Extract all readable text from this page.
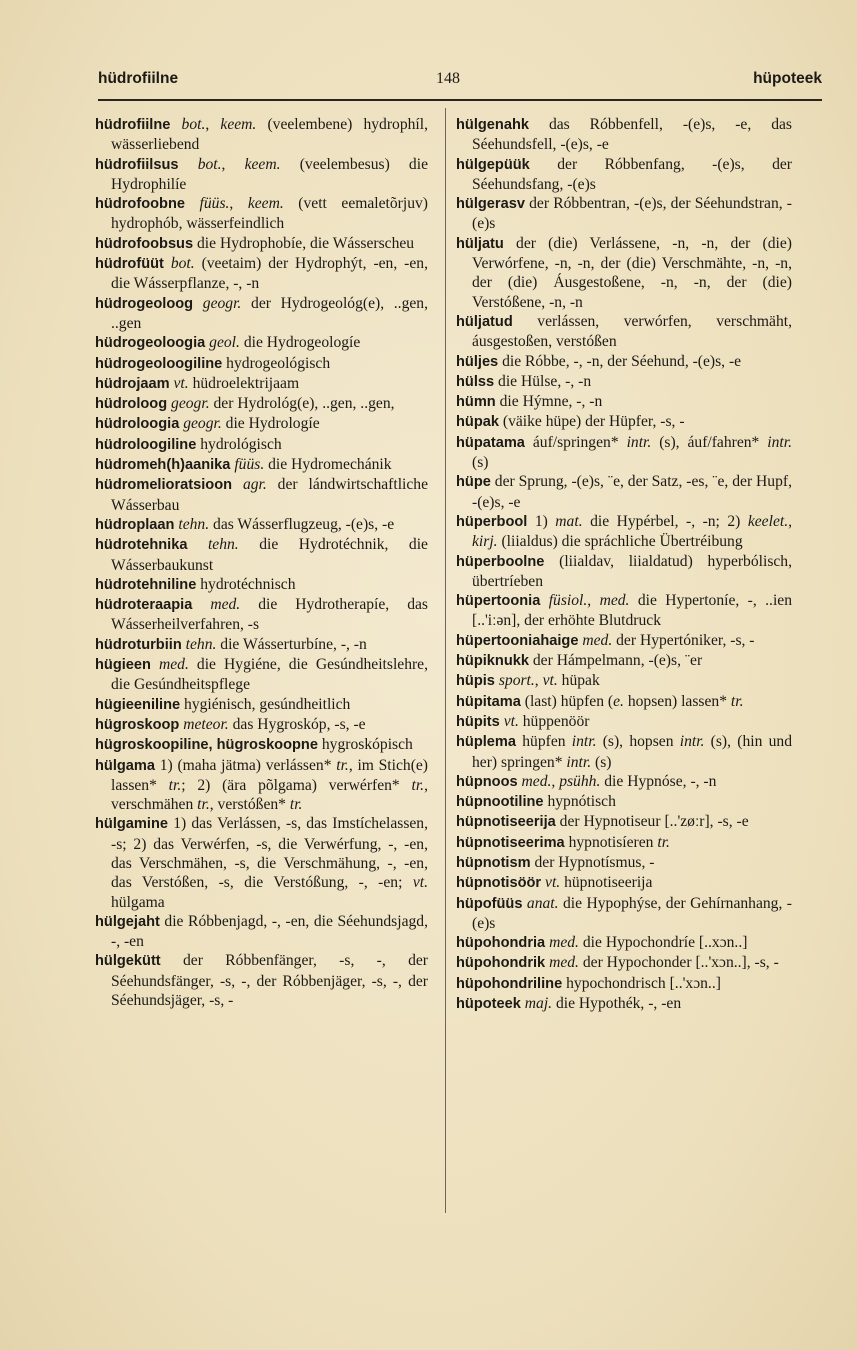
hüdrofiilne	148	hüpoteek

hüdrofiilne bot., keem. (veelembene) hydrophíl, wässerliebend

hüdrofiilsus bot., keem. (veelembesus) die Hydrophilíe

hüdrofoobne füüs., keem. (vett eemaletõrjuv) hydrophób, wässerfeindlich

hüdrofoobsus die Hydrophobíe, die Wásserscheu

hüdrofüüt bot. (veetaim) der Hydrophýt, -en, -en, die Wásserpflanze, -, -n

hüdrogeoloog geogr. der Hydrogeológ(e), ..gen, ..gen

hüdrogeoloogia geol. die Hydrogeologíe

hüdrogeoloogiline hydrogeológisch

hüdrojaam vt. hüdroelektrijaam

hüdroloog geogr. der Hydrológ(e), ..gen, ..gen,

hüdroloogia geogr. die Hydrologíe

hüdroloogiline hydrológisch

hüdromeh(h)aanika füüs. die Hydromechánik

hüdromelioratsioon agr. der lándwirtschaftliche Wásserbau

hüdroplaan tehn. das Wásserflugzeug, -(e)s, -e

hüdrotehnika tehn. die Hydrotéchnik, die Wásserbaukunst

hüdrotehniline hydrotéchnisch

hüdroteraapia med. die Hydrotherapíe, das Wásserheilverfahren, -s

hüdroturbiin tehn. die Wásserturbíne, -, -n

hügieen med. die Hygiéne, die Gesúndheitslehre, die Gesúndheitspflege

hügieeniline hygiénisch, gesúndheitlich

hügroskoop meteor. das Hygroskóp, -s, -e

hügroskoopiline, hügroskoopne hygroskópisch

hülgama 1) (maha jätma) verlássen* tr., im Stich(e) lassen* tr.; 2) (ära põlgama) verwérfen* tr., verschmähen tr., verstóßen* tr.

hülgamine 1) das Verlássen, -s, das Imstíchelassen, -s; 2) das Verwérfen, -s, die Verwérfung, -, -en, das Verschmähen, -s, die Verschmähung, -, -en, das Verstóßen, -s, die Verstóßung, -, -en; vt. hülgama

hülgejaht die Róbbenjagd, -, -en, die Séehundsjagd, -, -en

hülgekütt der Róbbenfänger, -s, -, der Séehundsfänger, -s, -, der Róbbenjäger, -s, -, der Séehundsjäger, -s, -

hülgenahk das Róbbenfell, -(e)s, -e, das Séehundsfell, -(e)s, -e

hülgepüük der Róbbenfang, -(e)s, der Séehundsfang, -(e)s

hülgerasv der Róbbentran, -(e)s, der Séehundstran, -(e)s

hüljatu der (die) Verlássene, -n, -n, der (die) Verwórfene, -n, -n, der (die) Verschmähte, -n, -n, der (die) Áusgestoßene, -n, -n, der (die) Verstóßene, -n, -n

hüljatud verlássen, verwórfen, verschmäht, áusgestoßen, verstóßen

hüljes die Róbbe, -, -n, der Séehund, -(e)s, -e

hülss die Hülse, -, -n

hümn die Hýmne, -, -n

hüpak (väike hüpe) der Hüpfer, -s, -

hüpatama áuf/springen* intr. (s), áuf/fahren* intr. (s)

hüpe der Sprung, -(e)s, ¨e, der Satz, -es, ¨e, der Hupf, -(e)s, -e

hüperbool 1) mat. die Hypérbel, -, -n; 2) keelet., kirj. (liialdus) die spráchliche Übertréibung

hüperboolne (liialdav, liialdatud) hyperbólisch, übertríeben

hüpertoonia füsiol., med. die Hypertoníe, -, ..ien [..'iːən], der erhöhte Blutdruck

hüpertooniahaige med. der Hypertóniker, -s, -

hüpiknukk der Hámpelmann, -(e)s, ¨er

hüpis sport., vt. hüpak

hüpitama (last) hüpfen (e. hopsen) lassen* tr.

hüpits vt. hüppenöör

hüplema hüpfen intr. (s), hopsen intr. (s), (hin und her) springen* intr. (s)

hüpnoos med., psühh. die Hypnóse, -, -n

hüpnootiline hypnótisch

hüpnotiseerija der Hypnotiseur [..'zøːr], -s, -e

hüpnotiseerima hypnotisíeren tr.

hüpnotism der Hypnotísmus, -

hüpnotisöör vt. hüpnotiseerija

hüpofüüs anat. die Hypophýse, der Gehírnanhang, -(e)s

hüpohondria med. die Hypochondríe [..xɔn..]

hüpohondrik med. der Hypochonder [..'xɔn..], -s, -

hüpohondriline hypochondrisch [..'xɔn..]

hüpoteek maj. die Hypothék, -, -en
